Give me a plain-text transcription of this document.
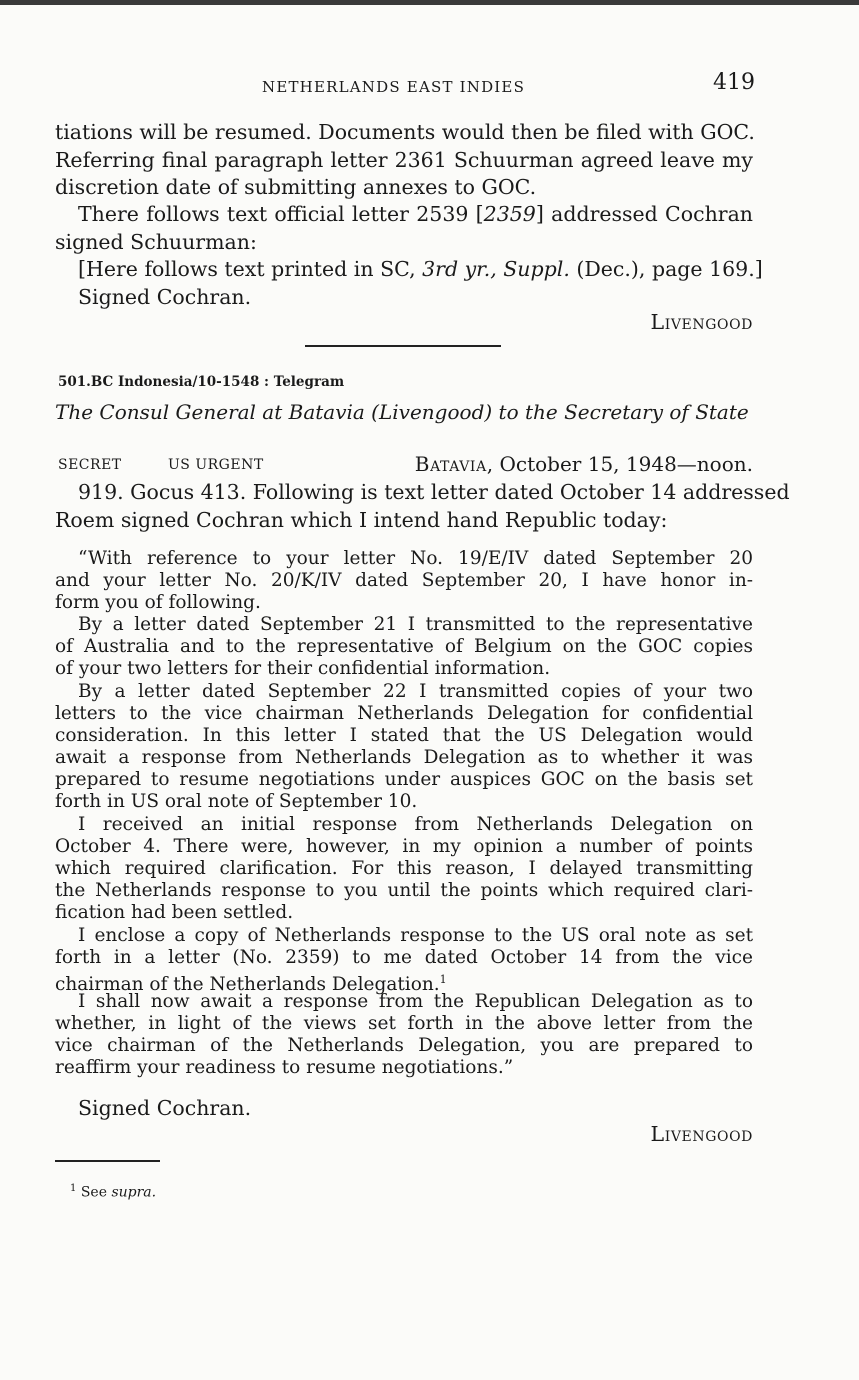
NETHERLANDS EAST INDIES	419
tiations will be resumed. Documents would then be filed with GOC.
Referring final paragraph letter 2361 Schuurman agreed leave my
discretion date of submitting annexes to GOC.
There follows text official letter 2539 [2359] addressed Cochran
signed Schuurman:
[Here follows text printed in SC, 3rd yr., Suppl. (Dec.), page 169.]
Signed Cochran.
Livengood
501.BC Indonesia/10-1548 : Telegram
The Consul General at Batavia (Livengood) to the Secretary of State
SECRET	US URGENT	Batavia, October 15, 1948—noon.
919. Gocus 413. Following is text letter dated October 14 addressed
Roem signed Cochran which I intend hand Republic today:
“With reference to your letter No. 19/E/IV dated September 20
and your letter No. 20/K/IV dated September 20, I have honor in-
form you of following.
By a letter dated September 21 I transmitted to the representative
of Australia and to the representative of Belgium on the GOC copies
of your two letters for their confidential information.
By a letter dated September 22 I transmitted copies of your two
letters to the vice chairman Netherlands Delegation for confidential
consideration. In this letter I stated that the US Delegation would
await a response from Netherlands Delegation as to whether it was
prepared to resume negotiations under auspices GOC on the basis set
forth in US oral note of September 10.
I received an initial response from Netherlands Delegation on
October 4. There were, however, in my opinion a number of points
which required clarification. For this reason, I delayed transmitting
the Netherlands response to you until the points which required clari-
fication had been settled.
I enclose a copy of Netherlands response to the US oral note as set
forth in a letter (No. 2359) to me dated October 14 from the vice
chairman of the Netherlands Delegation.$^1$
I shall now await a response from the Republican Delegation as to
whether, in light of the views set forth in the above letter from the
vice chairman of the Netherlands Delegation, you are prepared to
reaffirm your readiness to resume negotiations.”
Signed Cochran.
Livengood
$^1$ See supra.
